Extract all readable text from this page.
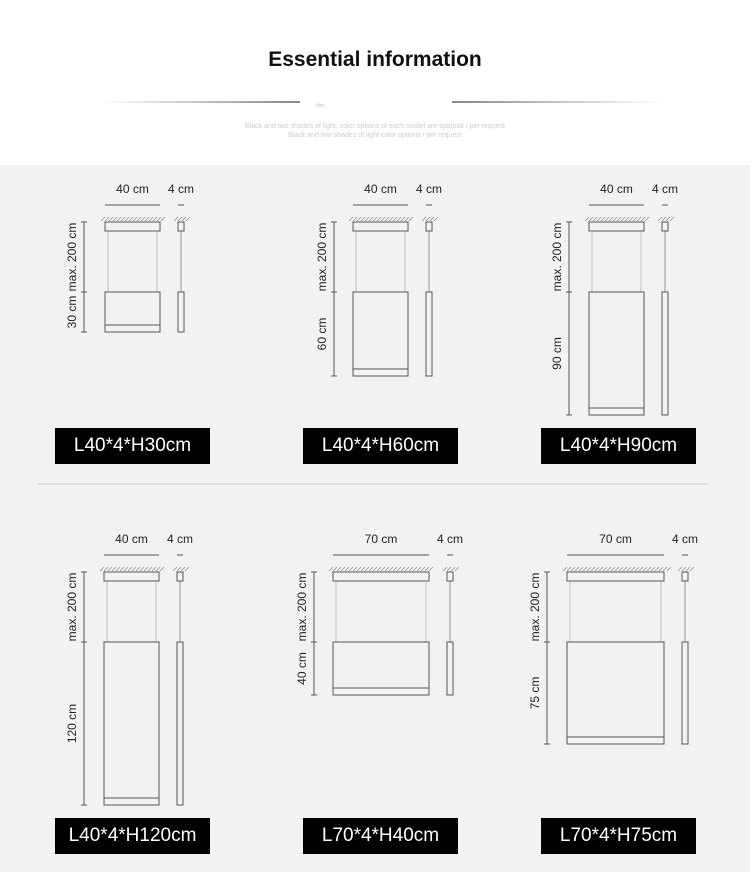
Essential information
dim
Black and two shades of light, color options of each model are optional / per request
Black and two shades of light color options / per request
40 cm 4 cm
max. 200 cm
30 cm
40 cm 4 cm
max. 200 cm
60 cm
40 cm 4 cm
max. 200 cm
90 cm
40 cm 4 cm
max. 200 cm
120 cm
70 cm	4 cm
max. 200 cm
40 cm
70 cm	4 cm
max. 200 cm
75 cm
L40*4*H30cm	L40*4*H60cm	L40*4*H90cm
L40*4*H120cm	L70*4*H40cm	L70*4*H75cm
